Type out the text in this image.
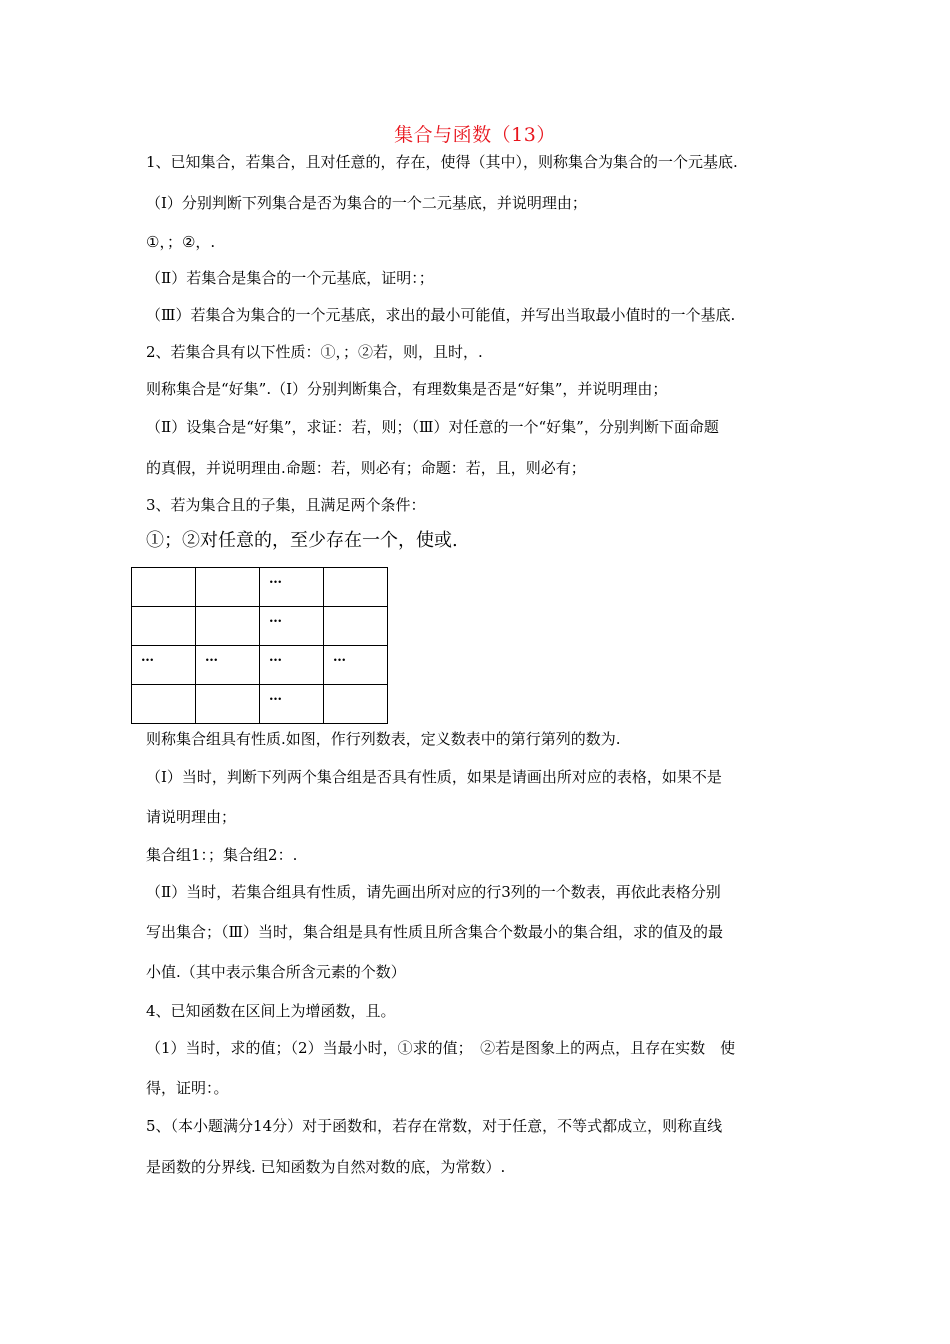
集合与函数（13）
1、已知集合，若集合，且对任意的，存在，使得（其中），则称集合为集合的一个元基底.
（Ⅰ）分别判断下列集合是否为集合的一个二元基底，并说明理由；
①，；②，.
（Ⅱ）若集合是集合的一个元基底，证明：；
（Ⅲ）若集合为集合的一个元基底，求出的最小可能值，并写出当取最小值时的一个基底.
2、若集合具有以下性质：①，；②若，则，且时，.
则称集合是“好集”.（Ⅰ）分别判断集合，有理数集是否是“好集”，并说明理由；
（Ⅱ）设集合是“好集”，求证：若，则；（Ⅲ）对任意的一个“好集”，分别判断下面命题
的真假，并说明理由.命题：若，则必有；命题：若，且，则必有；
3、若为集合且的子集，且满足两个条件：
①；②对任意的，至少存在一个，使或.
		…	
		…	
…	…	…	…
		…	
则称集合组具有性质.如图，作行列数表，定义数表中的第行第列的数为.
（Ⅰ）当时，判断下列两个集合组是否具有性质，如果是请画出所对应的表格，如果不是
请说明理由；
集合组1：；集合组2：.
（Ⅱ）当时，若集合组具有性质，请先画出所对应的行3列的一个数表，再依此表格分别
写出集合；（Ⅲ）当时，集合组是具有性质且所含集合个数最小的集合组，求的值及的最
小值.（其中表示集合所含元素的个数）
4、已知函数在区间上为增函数，且。
（1）当时，求的值；（2）当最小时，①求的值；　②若是图象上的两点，且存在实数　使
得，证明：。
5、（本小题满分14分）对于函数和，若存在常数，对于任意，不等式都成立，则称直线
是函数的分界线. 已知函数为自然对数的底，为常数）.
